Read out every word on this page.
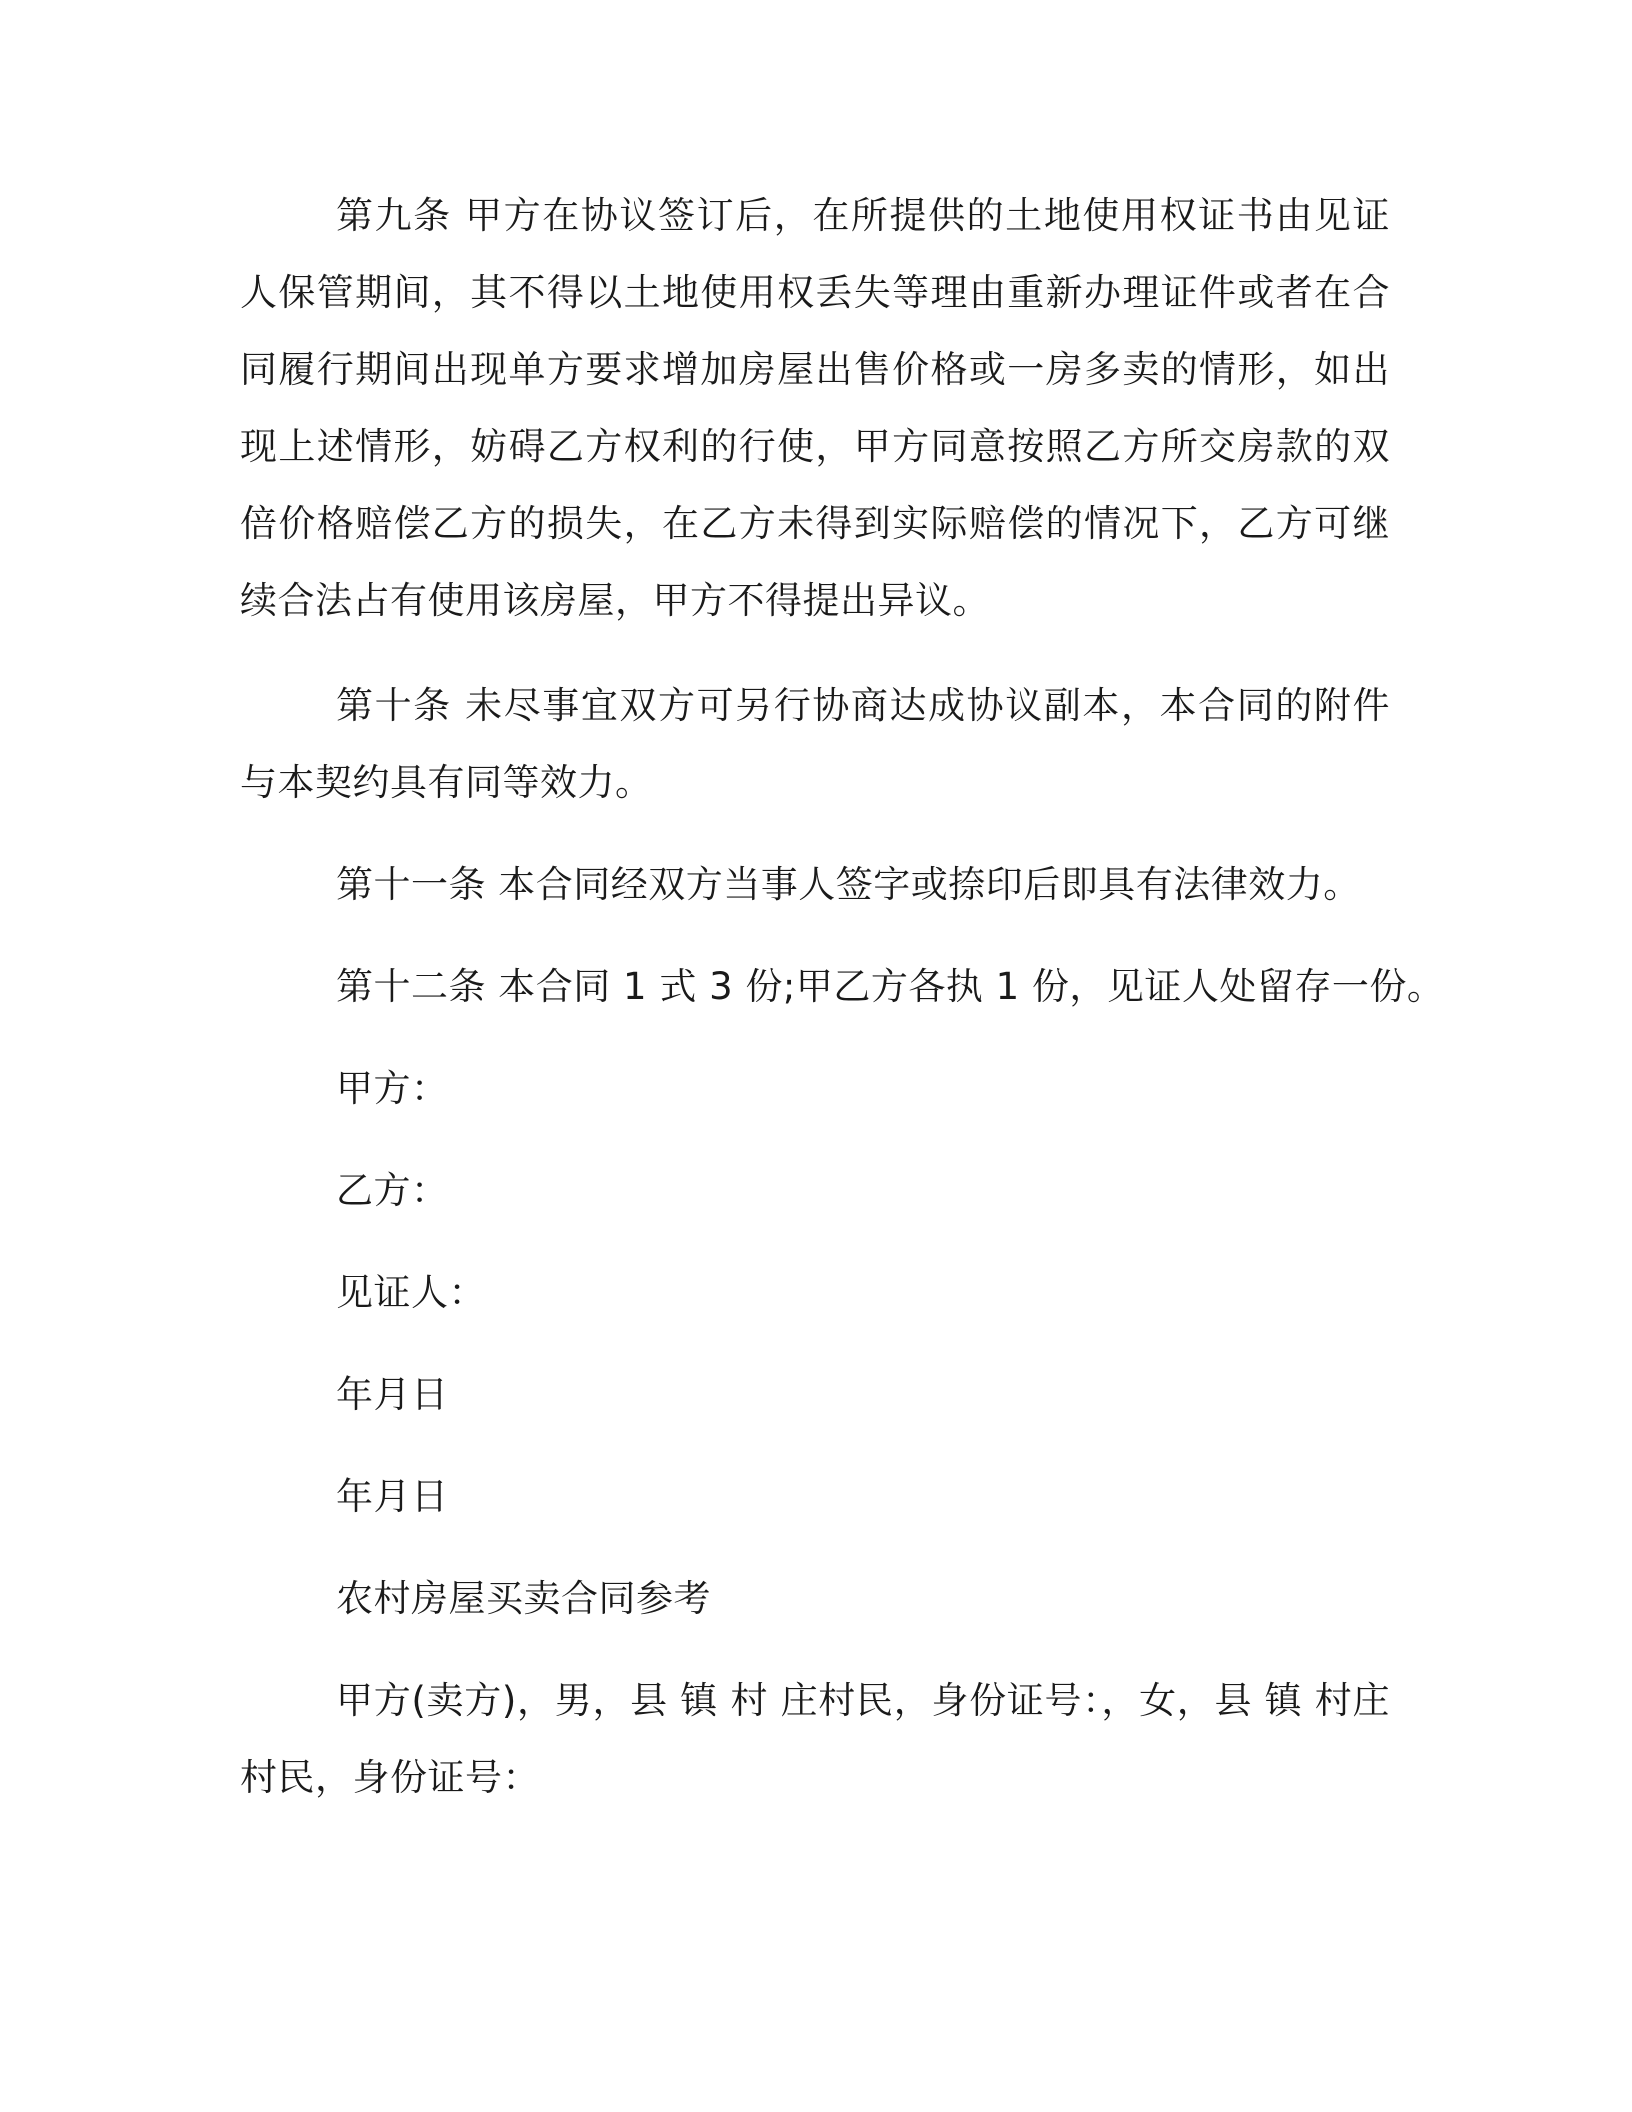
第九条 甲方在协议签订后，在所提供的土地使用权证书由见证人保管期间，其不得以土地使用权丢失等理由重新办理证件或者在合同履行期间出现单方要求增加房屋出售价格或一房多卖的情形，如出现上述情形，妨碍乙方权利的行使，甲方同意按照乙方所交房款的双倍价格赔偿乙方的损失，在乙方未得到实际赔偿的情况下，乙方可继续合法占有使用该房屋，甲方不得提出异议。

第十条 未尽事宜双方可另行协商达成协议副本，本合同的附件与本契约具有同等效力。

第十一条 本合同经双方当事人签字或捺印后即具有法律效力。

第十二条 本合同 1 式 3 份;甲乙方各执 1 份，见证人处留存一份。

甲方：

乙方：

见证人：

年月日

年月日

农村房屋买卖合同参考

甲方(卖方)，男，县 镇 村 庄村民，身份证号：，女，县 镇 村庄村民，身份证号：
